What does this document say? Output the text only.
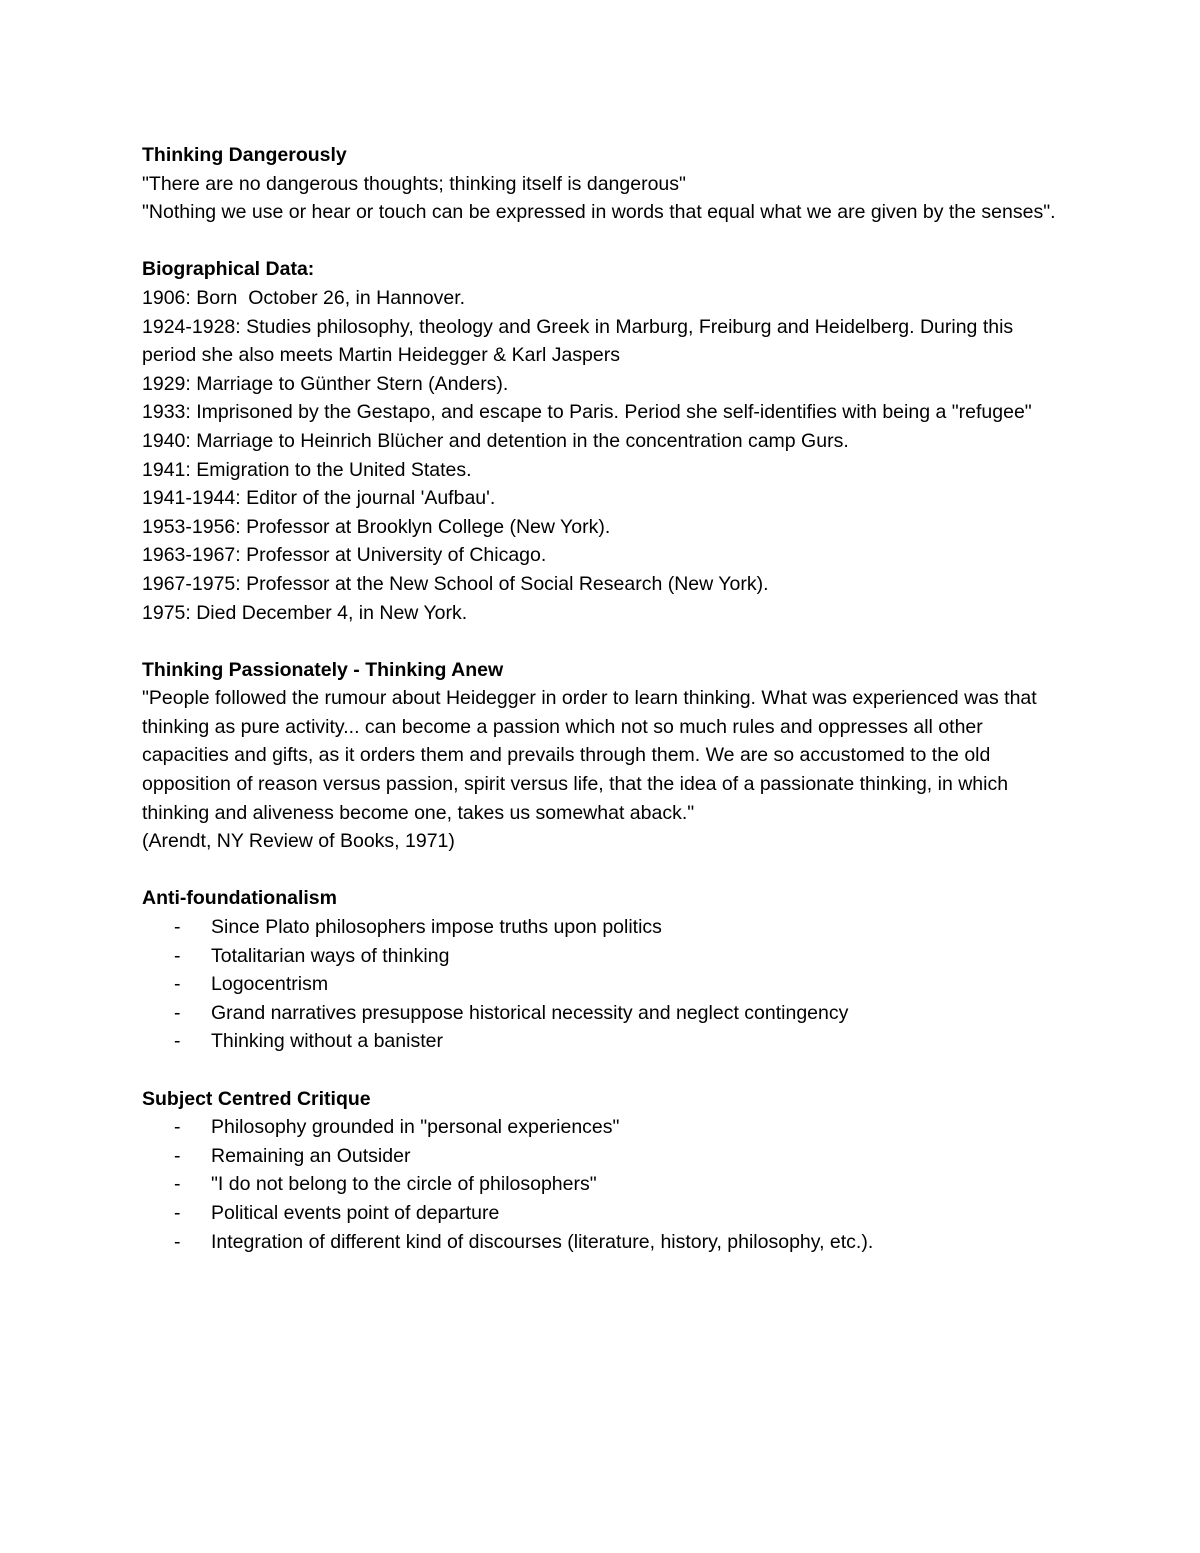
Thinking Dangerously

"There are no dangerous thoughts; thinking itself is dangerous"

"Nothing we use or hear or touch can be expressed in words that equal what we are given by the senses".

Biographical Data:

1906: Born  October 26, in Hannover.

1924-1928: Studies philosophy, theology and Greek in Marburg, Freiburg and Heidelberg. During this period she also meets Martin Heidegger & Karl Jaspers

1929: Marriage to Günther Stern (Anders).

1933: Imprisoned by the Gestapo, and escape to Paris. Period she self-identifies with being a "refugee"

1940: Marriage to Heinrich Blücher and detention in the concentration camp Gurs.

1941: Emigration to the United States.

1941-1944: Editor of the journal 'Aufbau'.

1953-1956: Professor at Brooklyn College (New York).

1963-1967: Professor at University of Chicago.

1967-1975: Professor at the New School of Social Research (New York).

1975: Died December 4, in New York.

Thinking Passionately - Thinking Anew

"People followed the rumour about Heidegger in order to learn thinking. What was experienced was that thinking as pure activity... can become a passion which not so much rules and oppresses all other capacities and gifts, as it orders them and prevails through them. We are so accustomed to the old opposition of reason versus passion, spirit versus life, that the idea of a passionate thinking, in which thinking and aliveness become one, takes us somewhat aback."

(Arendt, NY Review of Books, 1971)

Anti-foundationalism

- Since Plato philosophers impose truths upon politics
- Totalitarian ways of thinking
- Logocentrism
- Grand narratives presuppose historical necessity and neglect contingency
- Thinking without a banister

Subject Centred Critique

- Philosophy grounded in "personal experiences"
- Remaining an Outsider
- "I do not belong to the circle of philosophers"
- Political events point of departure
- Integration of different kind of discourses (literature, history, philosophy, etc.).
